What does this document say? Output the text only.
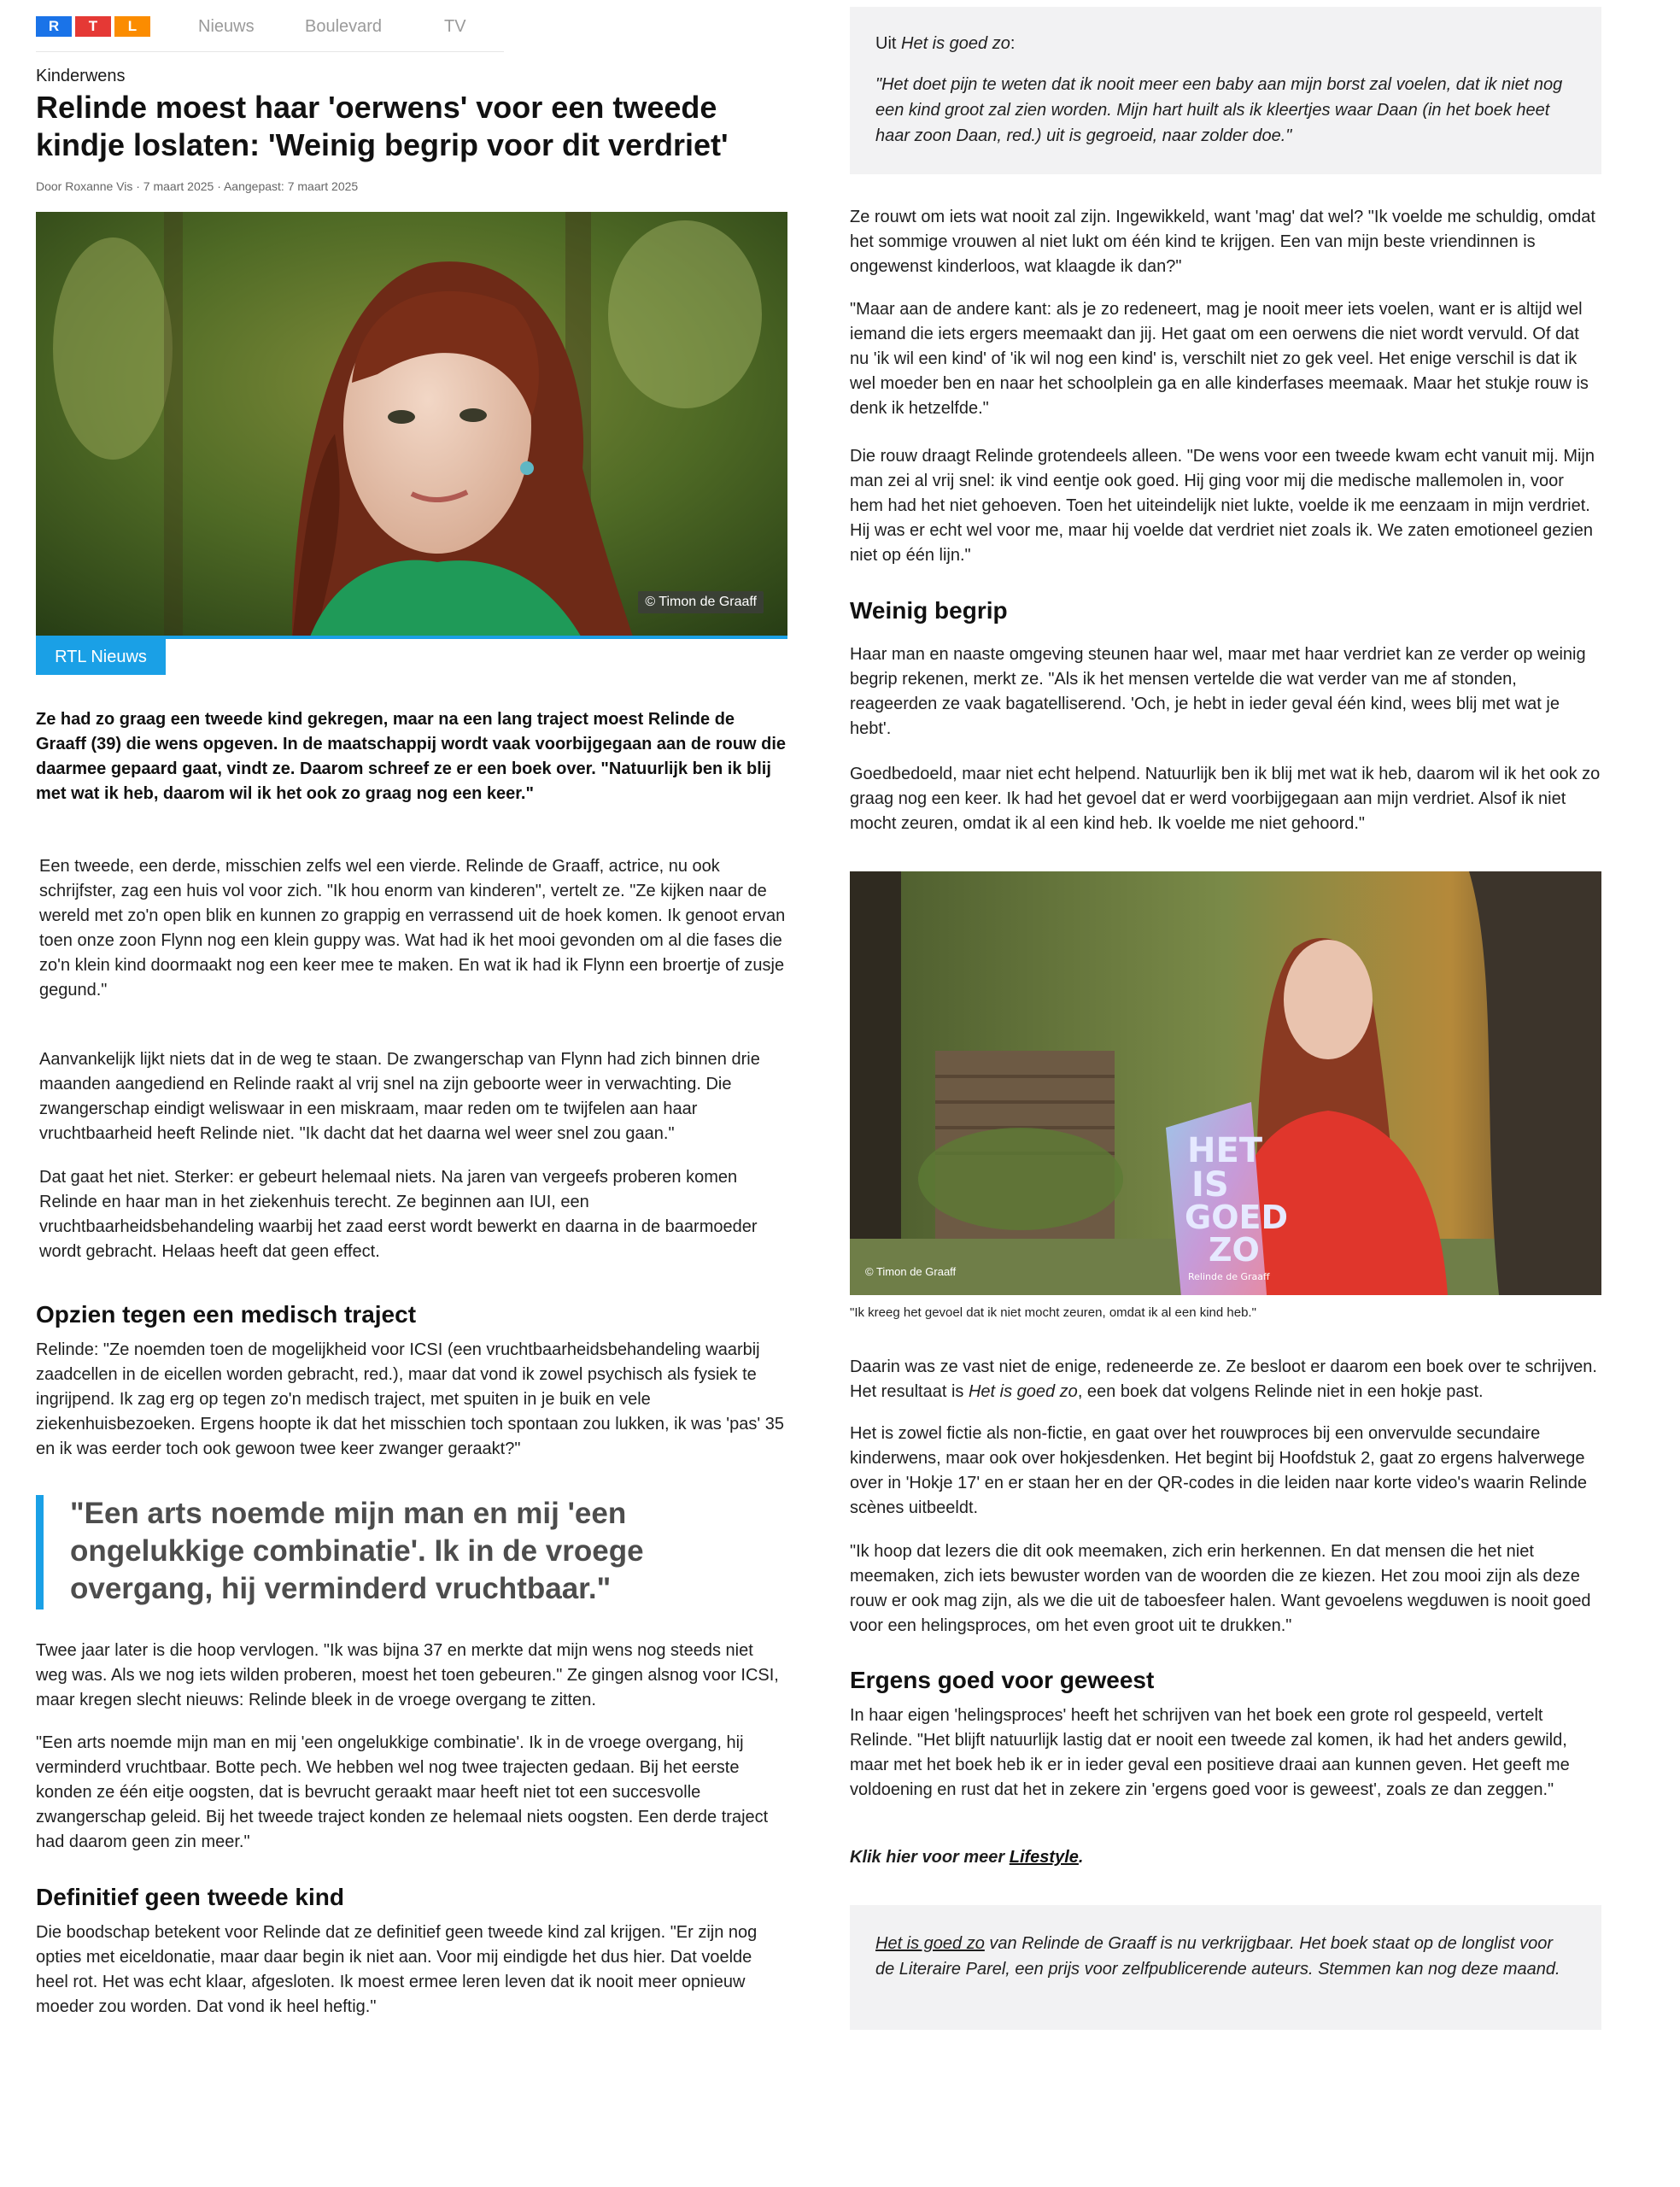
R	T	L	Nieuws	Boulevard	TV
Kinderwens
Relinde moest haar 'oerwens' voor een tweede kindje loslaten: 'Weinig begrip voor dit verdriet'
Door Roxanne Vis · 7 maart 2025 · Aangepast: 7 maart 2025
© Timon de Graaff
RTL Nieuws

Ze had zo graag een tweede kind gekregen, maar na een lang traject moest Relinde de Graaff (39) die wens opgeven. In de maatschappij wordt vaak voorbijgegaan aan de rouw die daarmee gepaard gaat, vindt ze. Daarom schreef ze er een boek over. "Natuurlijk ben ik blij met wat ik heb, daarom wil ik het ook zo graag nog een keer."

Een tweede, een derde, misschien zelfs wel een vierde. Relinde de Graaff, actrice, nu ook schrijfster, zag een huis vol voor zich. "Ik hou enorm van kinderen", vertelt ze. "Ze kijken naar de wereld met zo'n open blik en kunnen zo grappig en verrassend uit de hoek komen. Ik genoot ervan toen onze zoon Flynn nog een klein guppy was. Wat had ik het mooi gevonden om al die fases die zo'n klein kind doormaakt nog een keer mee te maken. En wat ik had ik Flynn een broertje of zusje gegund."

Aanvankelijk lijkt niets dat in de weg te staan. De zwangerschap van Flynn had zich binnen drie maanden aangediend en Relinde raakt al vrij snel na zijn geboorte weer in verwachting. Die zwangerschap eindigt weliswaar in een miskraam, maar reden om te twijfelen aan haar vruchtbaarheid heeft Relinde niet. "Ik dacht dat het daarna wel weer snel zou gaan."

Dat gaat het niet. Sterker: er gebeurt helemaal niets. Na jaren van vergeefs proberen komen Relinde en haar man in het ziekenhuis terecht. Ze beginnen aan IUI, een vruchtbaarheidsbehandeling waarbij het zaad eerst wordt bewerkt en daarna in de baarmoeder wordt gebracht. Helaas heeft dat geen effect.

Opzien tegen een medisch traject

Relinde: "Ze noemden toen de mogelijkheid voor ICSI (een vruchtbaarheidsbehandeling waarbij zaadcellen in de eicellen worden gebracht, red.), maar dat vond ik zowel psychisch als fysiek te ingrijpend. Ik zag erg op tegen zo'n medisch traject, met spuiten in je buik en vele ziekenhuisbezoeken. Ergens hoopte ik dat het misschien toch spontaan zou lukken, ik was 'pas' 35 en ik was eerder toch ook gewoon twee keer zwanger geraakt?"

"Een arts noemde mijn man en mij 'een ongelukkige combinatie'. Ik in de vroege overgang, hij verminderd vruchtbaar."

Twee jaar later is die hoop vervlogen. "Ik was bijna 37 en merkte dat mijn wens nog steeds niet weg was. Als we nog iets wilden proberen, moest het toen gebeuren." Ze gingen alsnog voor ICSI, maar kregen slecht nieuws: Relinde bleek in de vroege overgang te zitten.

"Een arts noemde mijn man en mij 'een ongelukkige combinatie'. Ik in de vroege overgang, hij verminderd vruchtbaar. Botte pech. We hebben wel nog twee trajecten gedaan. Bij het eerste konden ze één eitje oogsten, dat is bevrucht geraakt maar heeft niet tot een succesvolle zwangerschap geleid. Bij het tweede traject konden ze helemaal niets oogsten. Een derde traject had daarom geen zin meer."

Definitief geen tweede kind

Die boodschap betekent voor Relinde dat ze definitief geen tweede kind zal krijgen. "Er zijn nog opties met eiceldonatie, maar daar begin ik niet aan. Voor mij eindigde het dus hier. Dat voelde heel rot. Het was echt klaar, afgesloten. Ik moest ermee leren leven dat ik nooit meer opnieuw moeder zou worden. Dat vond ik heel heftig."

Uit Het is goed zo:
"Het doet pijn te weten dat ik nooit meer een baby aan mijn borst zal voelen, dat ik niet nog een kind groot zal zien worden. Mijn hart huilt als ik kleertjes waar Daan (in het boek heet haar zoon Daan, red.) uit is gegroeid, naar zolder doe."

Ze rouwt om iets wat nooit zal zijn. Ingewikkeld, want 'mag' dat wel? "Ik voelde me schuldig, omdat het sommige vrouwen al niet lukt om één kind te krijgen. Een van mijn beste vriendinnen is ongewenst kinderloos, wat klaagde ik dan?"

"Maar aan de andere kant: als je zo redeneert, mag je nooit meer iets voelen, want er is altijd wel iemand die iets ergers meemaakt dan jij. Het gaat om een oerwens die niet wordt vervuld. Of dat nu 'ik wil een kind' of 'ik wil nog een kind' is, verschilt niet zo gek veel. Het enige verschil is dat ik wel moeder ben en naar het schoolplein ga en alle kinderfases meemaak. Maar het stukje rouw is denk ik hetzelfde."

Die rouw draagt Relinde grotendeels alleen. "De wens voor een tweede kwam echt vanuit mij. Mijn man zei al vrij snel: ik vind eentje ook goed. Hij ging voor mij die medische mallemolen in, voor hem had het niet gehoeven. Toen het uiteindelijk niet lukte, voelde ik me eenzaam in mijn verdriet. Hij was er echt wel voor me, maar hij voelde dat verdriet niet zoals ik. We zaten emotioneel gezien niet op één lijn."

Weinig begrip

Haar man en naaste omgeving steunen haar wel, maar met haar verdriet kan ze verder op weinig begrip rekenen, merkt ze. "Als ik het mensen vertelde die wat verder van me af stonden, reageerden ze vaak bagatelliserend. 'Och, je hebt in ieder geval één kind, wees blij met wat je hebt'.

Goedbedoeld, maar niet echt helpend. Natuurlijk ben ik blij met wat ik heb, daarom wil ik het ook zo graag nog een keer. Ik had het gevoel dat er werd voorbijgegaan aan mijn verdriet. Alsof ik niet mocht zeuren, omdat ik al een kind heb. Ik voelde me niet gehoord."

HET
IS
GOED
ZO
Relinde de Graaff
© Timon de Graaff
"Ik kreeg het gevoel dat ik niet mocht zeuren, omdat ik al een kind heb."

Daarin was ze vast niet de enige, redeneerde ze. Ze besloot er daarom een boek over te schrijven. Het resultaat is Het is goed zo, een boek dat volgens Relinde niet in een hokje past.

Het is zowel fictie als non-fictie, en gaat over het rouwproces bij een onvervulde secundaire kinderwens, maar ook over hokjesdenken. Het begint bij Hoofdstuk 2, gaat zo ergens halverwege over in 'Hokje 17' en er staan her en der QR-codes in die leiden naar korte video's waarin Relinde scènes uitbeeldt.

"Ik hoop dat lezers die dit ook meemaken, zich erin herkennen. En dat mensen die het niet meemaken, zich iets bewuster worden van de woorden die ze kiezen. Het zou mooi zijn als deze rouw er ook mag zijn, als we die uit de taboesfeer halen. Want gevoelens wegduwen is nooit goed voor een helingsproces, om het even groot uit te drukken."

Ergens goed voor geweest

In haar eigen 'helingsproces' heeft het schrijven van het boek een grote rol gespeeld, vertelt Relinde. "Het blijft natuurlijk lastig dat er nooit een tweede zal komen, ik had het anders gewild, maar met het boek heb ik er in ieder geval een positieve draai aan kunnen geven. Het geeft me voldoening en rust dat het in zekere zin 'ergens goed voor is geweest', zoals ze dan zeggen."

Klik hier voor meer Lifestyle.

Het is goed zo van Relinde de Graaff is nu verkrijgbaar. Het boek staat op de longlist voor de Literaire Parel, een prijs voor zelfpublicerende auteurs. Stemmen kan nog deze maand.
